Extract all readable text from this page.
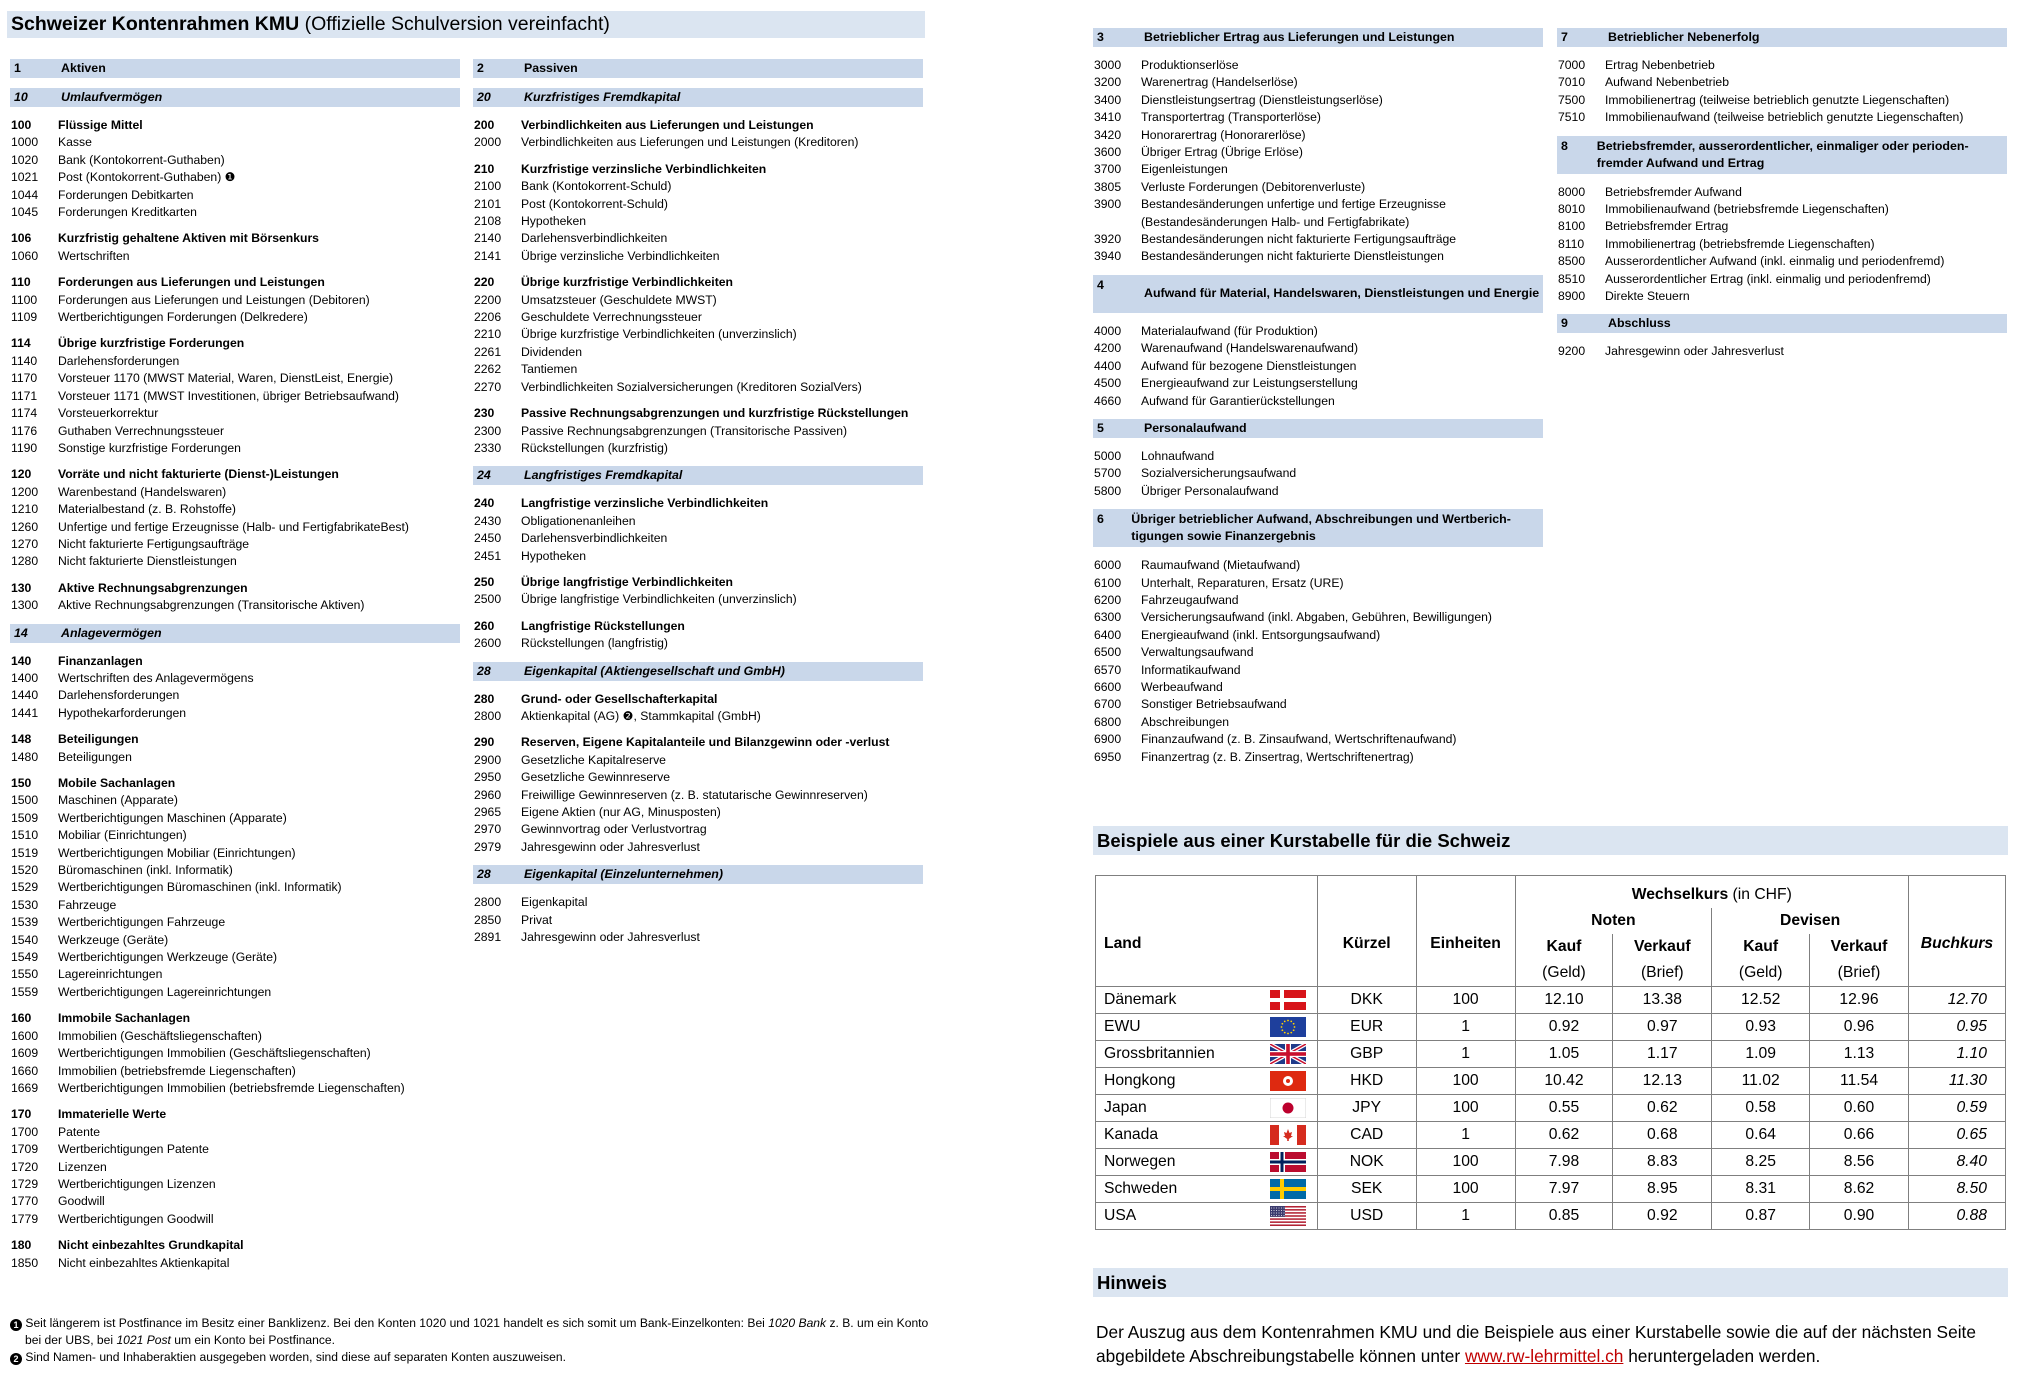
Schweizer Kontenrahmen KMU (Offizielle Schulversion vereinfacht)
1	Aktiven
10	Umlaufvermögen
100 Flüssige Mittel
1000 Kasse
1020 Bank (Kontokorrent-Guthaben)
1021 Post (Kontokorrent-Guthaben) ❶
1044 Forderungen Debitkarten
1045 Forderungen Kreditkarten
106 Kurzfristig gehaltene Aktiven mit Börsenkurs
1060 Wertschriften
110 Forderungen aus Lieferungen und Leistungen
1100 Forderungen aus Lieferungen und Leistungen (Debitoren)
1109 Wertberichtigungen Forderungen (Delkredere)
114 Übrige kurzfristige Forderungen
1140 Darlehensforderungen
1170 Vorsteuer 1170 (MWST Material, Waren, DienstLeist, Energie)
1171 Vorsteuer 1171 (MWST Investitionen, übriger Betriebsaufwand)
1174 Vorsteuerkorrektur
1176 Guthaben Verrechnungssteuer
1190 Sonstige kurzfristige Forderungen
120 Vorräte und nicht fakturierte (Dienst-)Leistungen
1200 Warenbestand (Handelswaren)
1210 Materialbestand (z. B. Rohstoffe)
1260 Unfertige und fertige Erzeugnisse (Halb- und FertigfabrikateBest)
1270 Nicht fakturierte Fertigungsaufträge
1280 Nicht fakturierte Dienstleistungen
130 Aktive Rechnungsabgrenzungen
1300 Aktive Rechnungsabgrenzungen (Transitorische Aktiven)
14	Anlagevermögen
140 Finanzanlagen
1400 Wertschriften des Anlagevermögens
1440 Darlehensforderungen
1441 Hypothekarforderungen
148 Beteiligungen
1480 Beteiligungen
150 Mobile Sachanlagen
1500 Maschinen (Apparate)
1509 Wertberichtigungen Maschinen (Apparate)
1510 Mobiliar (Einrichtungen)
1519 Wertberichtigungen Mobiliar (Einrichtungen)
1520 Büromaschinen (inkl. Informatik)
1529 Wertberichtigungen Büromaschinen (inkl. Informatik)
1530 Fahrzeuge
1539 Wertberichtigungen Fahrzeuge
1540 Werkzeuge (Geräte)
1549 Wertberichtigungen Werkzeuge (Geräte)
1550 Lagereinrichtungen
1559 Wertberichtigungen Lagereinrichtungen
160 Immobile Sachanlagen
1600 Immobilien (Geschäftsliegenschaften)
1609 Wertberichtigungen Immobilien (Geschäftsliegenschaften)
1660 Immobilien (betriebsfremde Liegenschaften)
1669 Wertberichtigungen Immobilien (betriebsfremde Liegenschaften)
170 Immaterielle Werte
1700 Patente
1709 Wertberichtigungen Patente
1720 Lizenzen
1729 Wertberichtigungen Lizenzen
1770 Goodwill
1779 Wertberichtigungen Goodwill
180 Nicht einbezahltes Grundkapital
1850 Nicht einbezahltes Aktienkapital
2	Passiven
20	Kurzfristiges Fremdkapital
200 Verbindlichkeiten aus Lieferungen und Leistungen
2000 Verbindlichkeiten aus Lieferungen und Leistungen (Kreditoren)
210 Kurzfristige verzinsliche Verbindlichkeiten
2100 Bank (Kontokorrent-Schuld)
2101 Post (Kontokorrent-Schuld)
2108 Hypotheken
2140 Darlehensverbindlichkeiten
2141 Übrige verzinsliche Verbindlichkeiten
220 Übrige kurzfristige Verbindlichkeiten
2200 Umsatzsteuer (Geschuldete MWST)
2206 Geschuldete Verrechnungssteuer
2210 Übrige kurzfristige Verbindlichkeiten (unverzinslich)
2261 Dividenden
2262 Tantiemen
2270 Verbindlichkeiten Sozialversicherungen (Kreditoren SozialVers)
230 Passive Rechnungsabgrenzungen und kurzfristige Rückstellungen
2300 Passive Rechnungsabgrenzungen (Transitorische Passiven)
2330 Rückstellungen (kurzfristig)
24	Langfristiges Fremdkapital
240 Langfristige verzinsliche Verbindlichkeiten
2430 Obligationenanleihen
2450 Darlehensverbindlichkeiten
2451 Hypotheken
250 Übrige langfristige Verbindlichkeiten
2500 Übrige langfristige Verbindlichkeiten (unverzinslich)
260 Langfristige Rückstellungen
2600 Rückstellungen (langfristig)
28	Eigenkapital (Aktiengesellschaft und GmbH)
280 Grund- oder Gesellschafterkapital
2800 Aktienkapital (AG) ❷, Stammkapital (GmbH)
290 Reserven, Eigene Kapitalanteile und Bilanzgewinn oder -verlust
2900 Gesetzliche Kapitalreserve
2950 Gesetzliche Gewinnreserve
2960 Freiwillige Gewinnreserven (z. B. statutarische Gewinnreserven)
2965 Eigene Aktien (nur AG, Minusposten)
2970 Gewinnvortrag oder Verlustvortrag
2979 Jahresgewinn oder Jahresverlust
28	Eigenkapital (Einzelunternehmen)
2800 Eigenkapital
2850 Privat
2891 Jahresgewinn oder Jahresverlust
3	Betrieblicher Ertrag aus Lieferungen und Leistungen
3000 Produktionserlöse
3200 Warenertrag (Handelserlöse)
3400 Dienstleistungsertrag (Dienstleistungserlöse)
3410 Transportertrag (Transporterlöse)
3420 Honorarertrag (Honorarerlöse)
3600 Übriger Ertrag (Übrige Erlöse)
3700 Eigenleistungen
3805 Verluste Forderungen (Debitorenverluste)
3900 Bestandesänderungen unfertige und fertige Erzeugnisse
(Bestandesänderungen Halb- und Fertigfabrikate)
3920 Bestandesänderungen nicht fakturierte Fertigungsaufträge
3940 Bestandesänderungen nicht fakturierte Dienstleistungen
4
Aufwand für Material, Handelswaren, Dienstleistungen und Energie
4000 Materialaufwand (für Produktion)
4200 Warenaufwand (Handelswarenaufwand)
4400 Aufwand für bezogene Dienstleistungen
4500 Energieaufwand zur Leistungserstellung
4660 Aufwand für Garantierückstellungen
5	Personalaufwand
5000 Lohnaufwand
5700 Sozialversicherungsaufwand
5800 Übriger Personalaufwand
6	Übriger betrieblicher Aufwand, Abschreibungen und Wertberich-tigungen sowie Finanzergebnis
6000 Raumaufwand (Mietaufwand)
6100 Unterhalt, Reparaturen, Ersatz (URE)
6200 Fahrzeugaufwand
6300 Versicherungsaufwand (inkl. Abgaben, Gebühren, Bewilligungen)
6400 Energieaufwand (inkl. Entsorgungsaufwand)
6500 Verwaltungsaufwand
6570 Informatikaufwand
6600 Werbeaufwand
6700 Sonstiger Betriebsaufwand
6800 Abschreibungen
6900 Finanzaufwand (z. B. Zinsaufwand, Wertschriftenaufwand)
6950 Finanzertrag (z. B. Zinsertrag, Wertschriftenertrag)
7	Betrieblicher Nebenerfolg
7000 Ertrag Nebenbetrieb
7010 Aufwand Nebenbetrieb
7500 Immobilienertrag (teilweise betrieblich genutzte Liegenschaften)
7510 Immobilienaufwand (teilweise betrieblich genutzte Liegenschaften)
8	Betriebsfremder, ausserordentlicher, einmaliger oder perioden-fremder Aufwand und Ertrag
8000 Betriebsfremder Aufwand
8010 Immobilienaufwand (betriebsfremde Liegenschaften)
8100 Betriebsfremder Ertrag
8110 Immobilienertrag (betriebsfremde Liegenschaften)
8500 Ausserordentlicher Aufwand (inkl. einmalig und periodenfremd)
8510 Ausserordentlicher Ertrag (inkl. einmalig und periodenfremd)
8900 Direkte Steuern
9	Abschluss
9200 Jahresgewinn oder Jahresverlust
1 Seit längerem ist Postfinance im Besitz einer Banklizenz. Bei den Konten 1020 und 1021 handelt es sich somit um Bank-Einzelkonten: Bei 1020 Bank z. B. um ein Konto bei der UBS, bei 1021 Post um ein Konto bei Postfinance.
2 Sind Namen- und Inhaberaktien ausgegeben worden, sind diese auf separaten Konten auszuweisen.
Beispiele aus einer Kurstabelle für die Schweiz
Land		Kürzel	Einheiten	Wechselkurs (in CHF)				Buchkurs
				Noten		Devisen		
				Kauf	Verkauf	Kauf	Verkauf	
				(Geld)	(Brief)	(Geld)	(Brief)	
Dänemark		DKK	100	12.10	13.38	12.52	12.96	12.70
EWU		EUR	1	0.92	0.97	0.93	0.96	0.95
Grossbritannien		GBP	1	1.05	1.17	1.09	1.13	1.10
Hongkong		HKD	100	10.42	12.13	11.02	11.54	11.30
Japan		JPY	100	0.55	0.62	0.58	0.60	0.59
Kanada		CAD	1	0.62	0.68	0.64	0.66	0.65
Norwegen		NOK	100	7.98	8.83	8.25	8.56	8.40
Schweden		SEK	100	7.97	8.95	8.31	8.62	8.50
USA		USD	1	0.85	0.92	0.87	0.90	0.88
Hinweis
Der Auszug aus dem Kontenrahmen KMU und die Beispiele aus einer Kurstabelle sowie die auf der nächsten Seite abgebildete Abschreibungstabelle können unter www.rw-lehrmittel.ch heruntergeladen werden.
